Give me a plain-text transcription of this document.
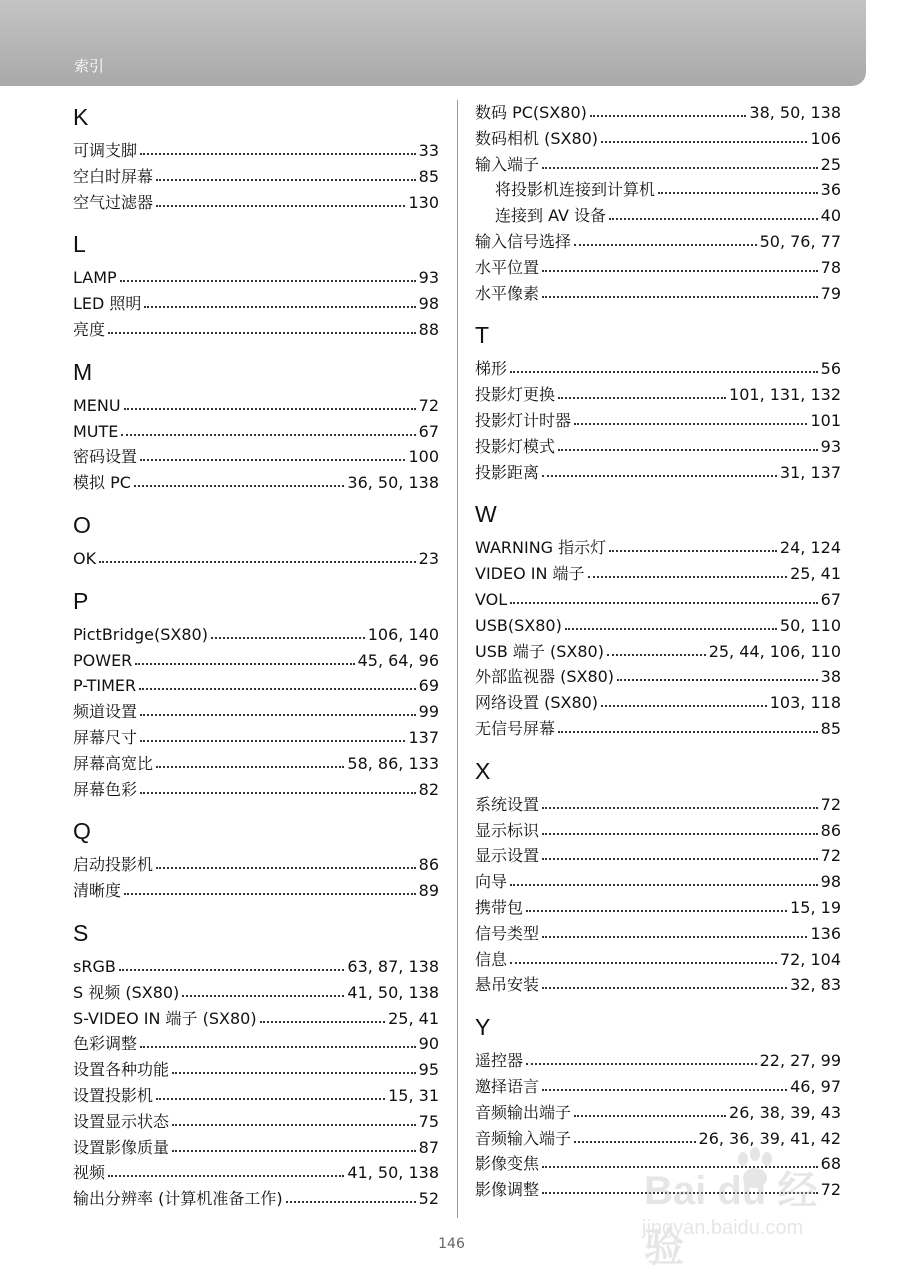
索引
K
可调支脚	33
空白时屏幕	85
空气过滤器	130
L
LAMP	93
LED 照明	98
亮度	88
M
MENU	72
MUTE	67
密码设置	100
模拟 PC	36, 50, 138
O
OK	23
P
PictBridge(SX80)	106, 140
POWER	45, 64, 96
P-TIMER	69
频道设置	99
屏幕尺寸	137
屏幕高宽比	58, 86, 133
屏幕色彩	82
Q
启动投影机	86
清晰度	89
S
sRGB	63, 87, 138
S 视频 (SX80)	41, 50, 138
S-VIDEO IN 端子 (SX80)	25, 41
色彩调整	90
设置各种功能	95
设置投影机	15, 31
设置显示状态	75
设置影像质量	87
视频	41, 50, 138
输出分辨率 (计算机准备工作)	52
数码 PC(SX80)	38, 50, 138
数码相机 (SX80)	106
输入端子	25
将投影机连接到计算机	36
连接到 AV 设备	40
输入信号选择	50, 76, 77
水平位置	78
水平像素	79
T
梯形	56
投影灯更换	101, 131, 132
投影灯计时器	101
投影灯模式	93
投影距离	31, 137
W
WARNING 指示灯	24, 124
VIDEO IN 端子	25, 41
VOL	67
USB(SX80)	50, 110
USB 端子 (SX80)	25, 44, 106, 110
外部监视器 (SX80)	38
网络设置 (SX80)	103, 118
无信号屏幕	85
X
系统设置	72
显示标识	86
显示设置	72
向导	98
携带包	15, 19
信号类型	136
信息	72, 104
悬吊安装	32, 83
Y
遥控器	22, 27, 99
邀择语言	46, 97
音频输出端子	26, 38, 39, 43
音频输入端子	26, 36, 39, 41, 42
影像变焦	68
影像调整	72
146
Bai du 经验
jingyan.baidu.com
